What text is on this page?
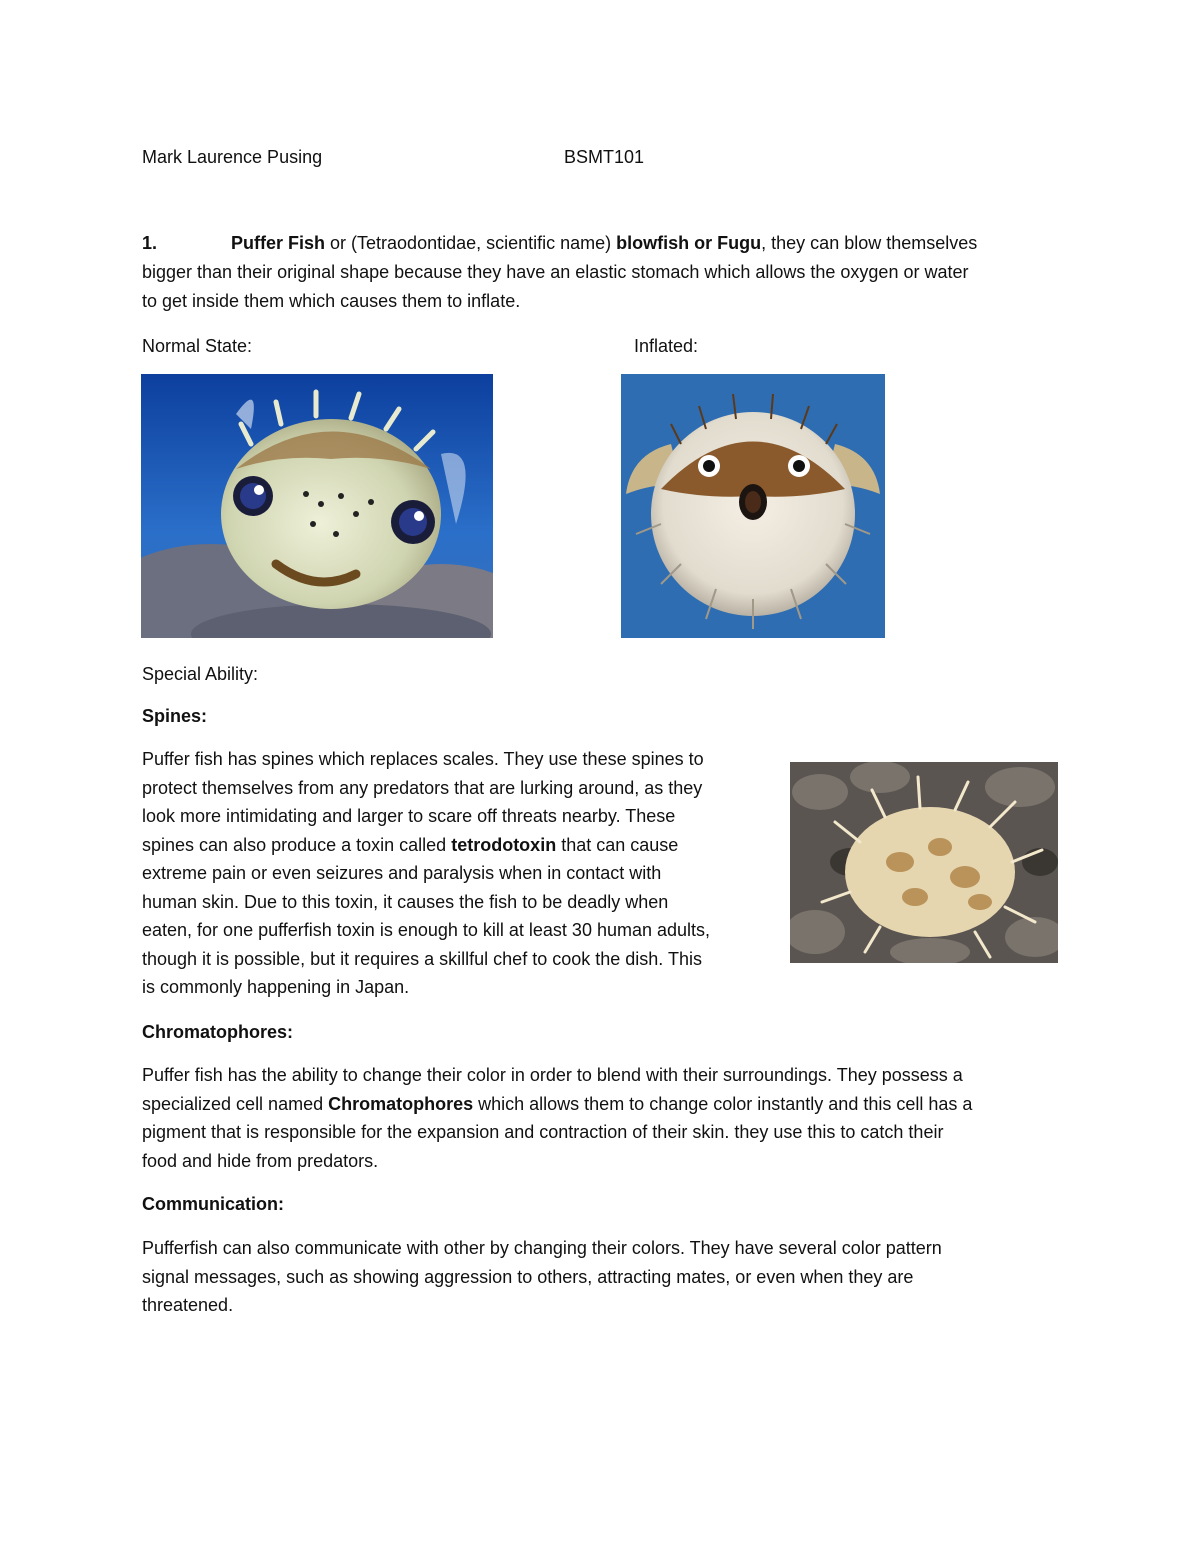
Mark Laurence Pusing	BSMT101

1.	Puffer Fish or (Tetraodontidae, scientific name) blowfish or Fugu, they can blow themselves

bigger than their original shape because they have an elastic stomach which allows the oxygen or water

to get inside them which causes them to inflate.

Normal State:	Inflated:

Special Ability:

Spines:

Puffer fish has spines which replaces scales. They use these spines to

protect themselves from any predators that are lurking around, as they

look more intimidating and larger to scare off threats nearby. These

spines can also produce a toxin called tetrodotoxin that can cause

extreme pain or even seizures and paralysis when in contact with

human skin. Due to this toxin, it causes the fish to be deadly when

eaten, for one pufferfish toxin is enough to kill at least 30 human adults,

though it is possible, but it requires a skillful chef to cook the dish. This

is commonly happening in Japan.

Chromatophores:

Puffer fish has the ability to change their color in order to blend with their surroundings. They possess a

specialized cell named Chromatophores which allows them to change color instantly and this cell has a

pigment that is responsible for the expansion and contraction of their skin. they use this to catch their

food and hide from predators.

Communication:

Pufferfish can also communicate with other by changing their colors. They have several color pattern

signal messages, such as showing aggression to others, attracting mates, or even when they are

threatened.
